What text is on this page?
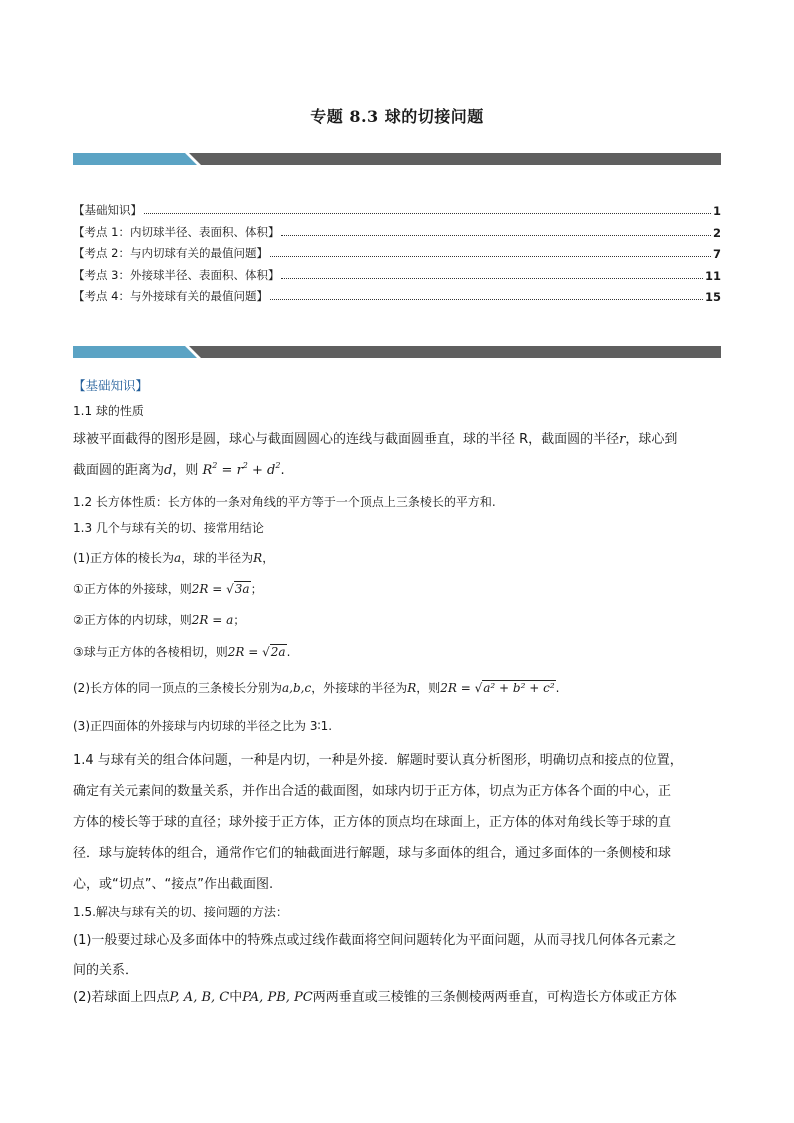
专题 8.3 球的切接问题
【基础知识】	1
【考点 1：内切球半径、表面积、体积】	2
【考点 2：与内切球有关的最值问题】	7
【考点 3：外接球半径、表面积、体积】	11
【考点 4：与外接球有关的最值问题】	15
【基础知识】
1.1 球的性质
球被平面截得的图形是圆，球心与截面圆圆心的连线与截面圆垂直，球的半径 R，截面圆的半径r，球心到
截面圆的距离为d，则 $R^2 = r^2 + d^2$.
1.2 长方体性质：长方体的一条对角线的平方等于一个顶点上三条棱长的平方和.
1.3 几个与球有关的切、接常用结论
(1)正方体的棱长为a，球的半径为R，
①正方体的外接球，则2R = √3a；
②正方体的内切球，则2R = a；
③球与正方体的各棱相切，则2R = √2a.
(2)长方体的同一顶点的三条棱长分别为a,b,c，外接球的半径为R，则2R = √a² + b² + c².
(3)正四面体的外接球与内切球的半径之比为 3∶1.
1.4 与球有关的组合体问题，一种是内切，一种是外接．解题时要认真分析图形，明确切点和接点的位置，
确定有关元素间的数量关系，并作出合适的截面图，如球内切于正方体，切点为正方体各个面的中心，正
方体的棱长等于球的直径；球外接于正方体，正方体的顶点均在球面上，正方体的体对角线长等于球的直
径．球与旋转体的组合，通常作它们的轴截面进行解题，球与多面体的组合，通过多面体的一条侧棱和球
心，或“切点”、“接点”作出截面图.
1.5.解决与球有关的切、接问题的方法：
(1)一般要过球心及多面体中的特殊点或过线作截面将空间问题转化为平面问题，从而寻找几何体各元素之
间的关系．
(2)若球面上四点P, A, B, C中PA, PB, PC两两垂直或三棱锥的三条侧棱两两垂直，可构造长方体或正方体
